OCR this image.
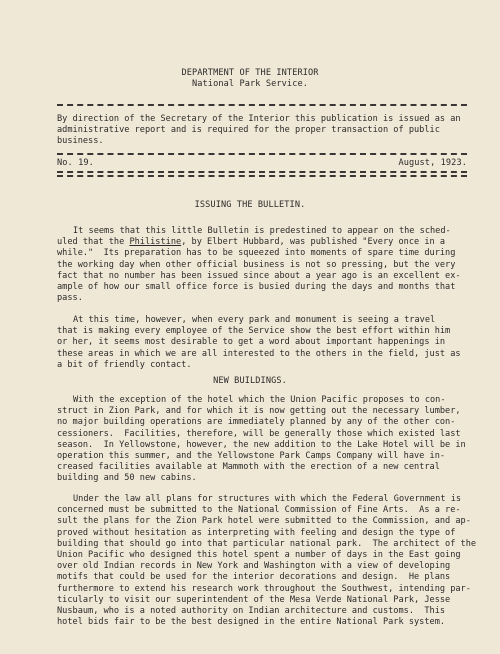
DEPARTMENT OF THE INTERIOR
National Park Service.
By direction of the Secretary of the Interior this publication is issued as an
administrative report and is required for the proper transaction of public
business.
No. 19.	August, 1923.
ISSUING THE BULLETIN.
It seems that this little Bulletin is predestined to appear on the sched-
uled that the Philistine, by Elbert Hubbard, was published "Every once in a
while."  Its preparation has to be squeezed into moments of spare time during
the working day when other official business is not so pressing, but the very
fact that no number has been issued since about a year ago is an excellent ex-
ample of how our small office force is busied during the days and months that
pass.
At this time, however, when every park and monument is seeing a travel
that is making every employee of the Service show the best effort within him
or her, it seems most desirable to get a word about important happenings in
these areas in which we are all interested to the others in the field, just as
a bit of friendly contact.
NEW BUILDINGS.
With the exception of the hotel which the Union Pacific proposes to con-
struct in Zion Park, and for which it is now getting out the necessary lumber,
no major building operations are immediately planned by any of the other con-
cessioners.  Facilities, therefore, will be generally those which existed last
season.  In Yellowstone, however, the new addition to the Lake Hotel will be in
operation this summer, and the Yellowstone Park Camps Company will have in-
creased facilities available at Mammoth with the erection of a new central
building and 50 new cabins.
Under the law all plans for structures with which the Federal Government is
concerned must be submitted to the National Commission of Fine Arts.  As a re-
sult the plans for the Zion Park hotel were submitted to the Commission, and ap-
proved without hesitation as interpreting with feeling and design the type of
building that should go into that particular national park.  The architect of the
Union Pacific who designed this hotel spent a number of days in the East going
over old Indian records in New York and Washington with a view of developing
motifs that could be used for the interior decorations and design.  He plans
furthermore to extend his research work throughout the Southwest, intending par-
ticularly to visit our superintendent of the Mesa Verde National Park, Jesse
Nusbaum, who is a noted authority on Indian architecture and customs.  This
hotel bids fair to be the best designed in the entire National Park system.
